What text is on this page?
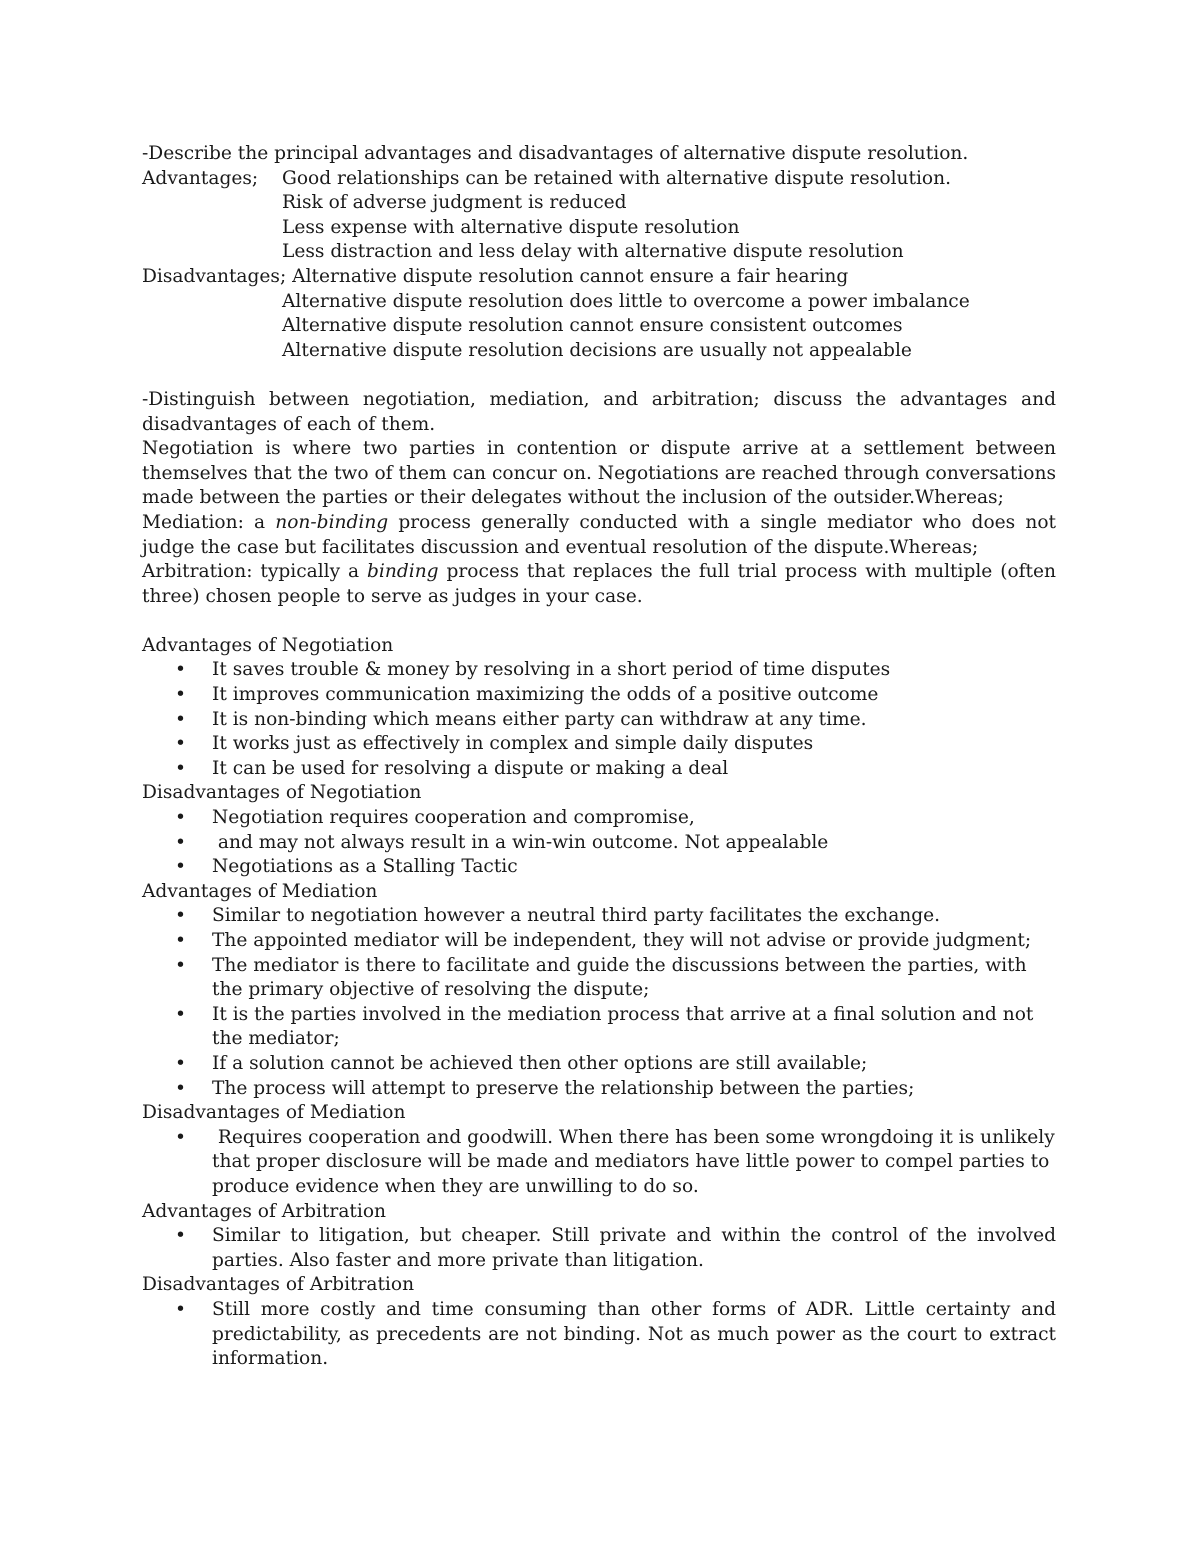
-Describe the principal advantages and disadvantages of alternative dispute resolution.
Advantages;	Good relationships can be retained with alternative dispute resolution.
Risk of adverse judgment is reduced
Less expense with alternative dispute resolution
Less distraction and less delay with alternative dispute resolution
Disadvantages; Alternative dispute resolution cannot ensure a fair hearing
Alternative dispute resolution does little to overcome a power imbalance
Alternative dispute resolution cannot ensure consistent outcomes
Alternative dispute resolution decisions are usually not appealable
-Distinguish between negotiation, mediation, and arbitration; discuss the advantages and disadvantages of each of them.
Negotiation is where two parties in contention or dispute arrive at a settlement between themselves that the two of them can concur on. Negotiations are reached through conversations made between the parties or their delegates without the inclusion of the outsider.Whereas;
Mediation: a non-binding process generally conducted with a single mediator who does not judge the case but facilitates discussion and eventual resolution of the dispute.Whereas;
Arbitration: typically a binding process that replaces the full trial process with multiple (often three) chosen people to serve as judges in your case.
Advantages of Negotiation
• It saves trouble & money by resolving in a short period of time disputes
• It improves communication maximizing the odds of a positive outcome
• It is non-binding which means either party can withdraw at any time.
• It works just as effectively in complex and simple daily disputes
• It can be used for resolving a dispute or making a deal
Disadvantages of Negotiation
• Negotiation requires cooperation and compromise,
• and may not always result in a win-win outcome. Not appealable
• Negotiations as a Stalling Tactic
Advantages of Mediation
• Similar to negotiation however a neutral third party facilitates the exchange.
• The appointed mediator will be independent, they will not advise or provide judgment;
• The mediator is there to facilitate and guide the discussions between the parties, with the primary objective of resolving the dispute;
• It is the parties involved in the mediation process that arrive at a final solution and not the mediator;
• If a solution cannot be achieved then other options are still available;
• The process will attempt to preserve the relationship between the parties;
Disadvantages of Mediation
• Requires cooperation and goodwill. When there has been some wrongdoing it is unlikely that proper disclosure will be made and mediators have little power to compel parties to produce evidence when they are unwilling to do so.
Advantages of Arbitration
• Similar to litigation, but cheaper. Still private and within the control of the involved parties. Also faster and more private than litigation.
Disadvantages of Arbitration
• Still more costly and time consuming than other forms of ADR. Little certainty and predictability, as precedents are not binding. Not as much power as the court to extract information.
